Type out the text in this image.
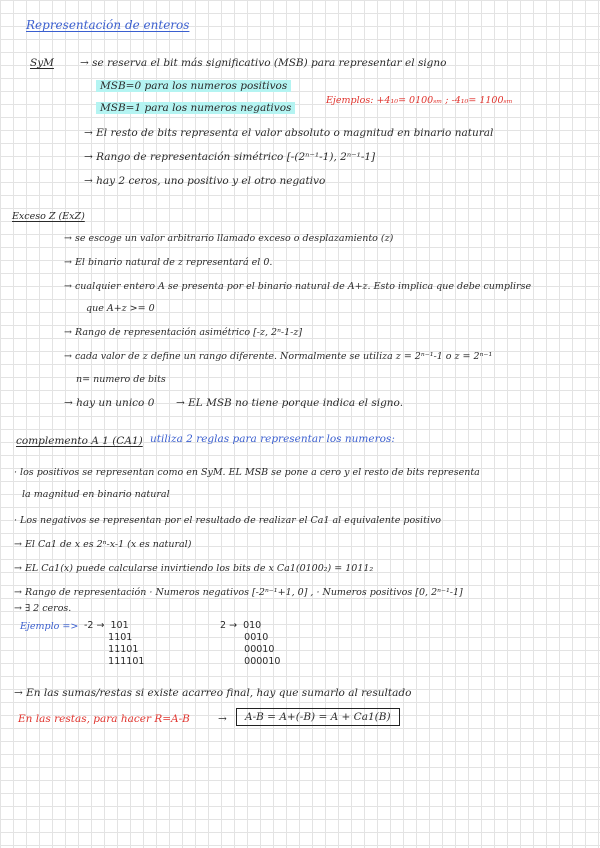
Representación de enteros
SyM → se reserva el bit más significativo (MSB) para representar el signo
MSB=0 para los numeros positivos
MSB=1 para los numeros negativos
Ejemplos: +4₁₀= 0100ₛₘ ; -4₁₀= 1100ₛₘ
→ El resto de bits representa el valor absoluto o magnitud en binario natural
→ Rango de representación simétrico [-(2ⁿ⁻¹-1), 2ⁿ⁻¹-1]
→ hay 2 ceros, uno positivo y el otro negativo
Exceso Z (ExZ)
→ se escoge un valor arbitrario llamado exceso o desplazamiento (z)
→ El binario natural de z representará el 0.
→ cualquier entero A se presenta por el binario natural de A+z. Esto implica que debe cumplirse
que A+z >= 0
→ Rango de representación asimétrico [-z, 2ⁿ-1-z]
→ cada valor de z define un rango diferente. Normalmente se utiliza z = 2ⁿ⁻¹-1 o z = 2ⁿ⁻¹
n= numero de bits
→ hay un unico 0 → EL MSB no tiene porque indica el signo.
complemento A 1 (CA1) utiliza 2 reglas para representar los numeros:
· los positivos se representan como en SyM. EL MSB se pone a cero y el resto de bits representa
la magnitud en binario natural
· Los negativos se representan por el resultado de realizar el Ca1 al equivalente positivo
→ El Ca1 de x es 2ⁿ-x-1 (x es natural)
→ EL Ca1(x) puede calcularse invirtiendo los bits de x Ca1(0100₂) = 1011₂
→ Rango de representación · Numeros negativos [-2ⁿ⁻¹+1, 0] , · Numeros positivos [0, 2ⁿ⁻¹-1]
→ ∃ 2 ceros.
Ejemplo => -2 →  101
1101
11101
111101
2 →  010
0010
00010
000010
→ En las sumas/restas si existe acarreo final, hay que sumarlo al resultado
En las restas, para hacer R=A-B	→	A-B = A+(-B) = A + Ca1(B)
